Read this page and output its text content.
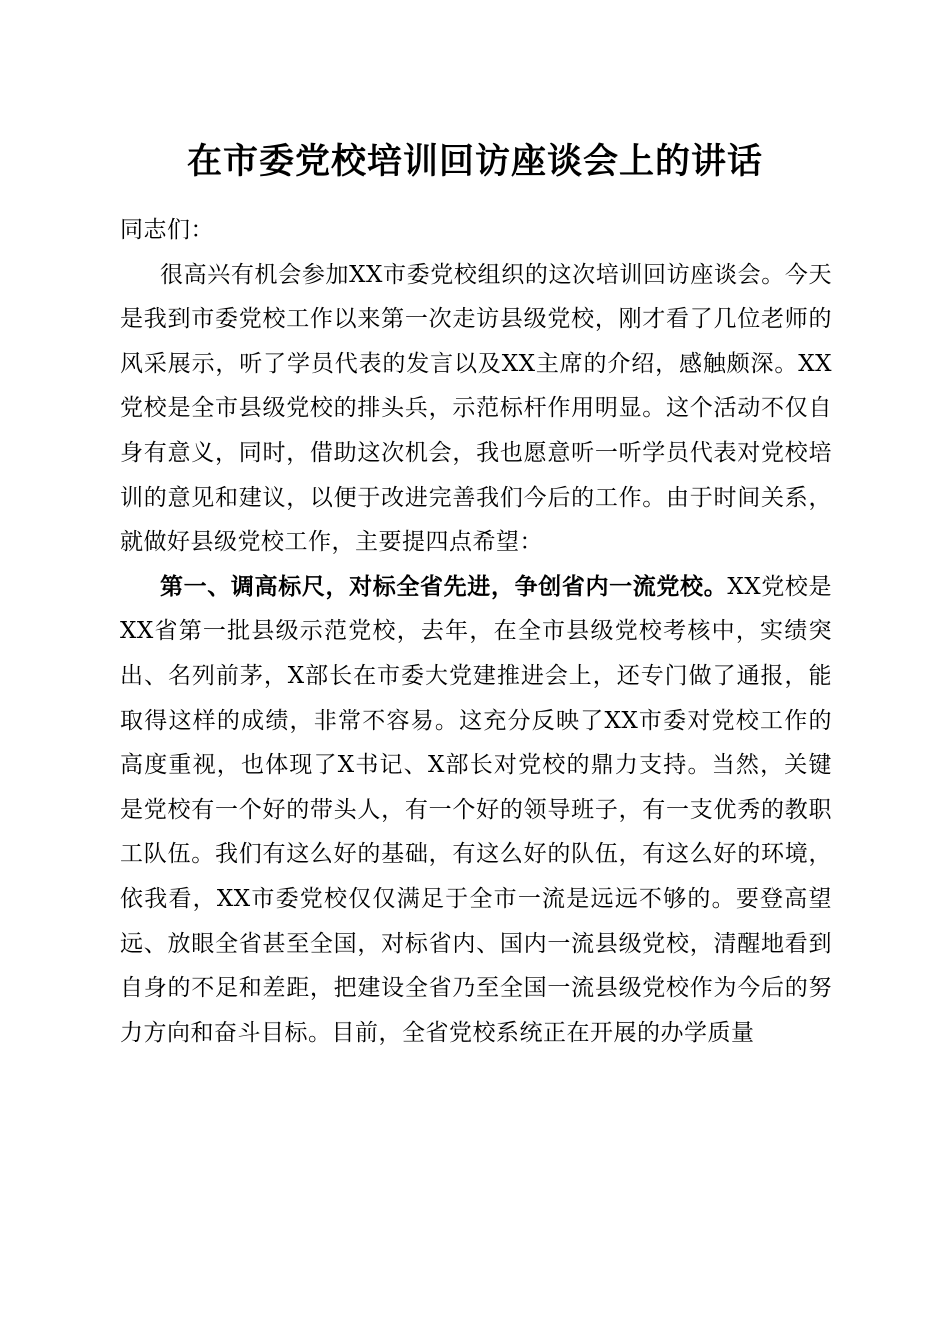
在市委党校培训回访座谈会上的讲话

同志们：

很高兴有机会参加XX市委党校组织的这次培训回访座谈会。今天是我到市委党校工作以来第一次走访县级党校，刚才看了几位老师的风采展示，听了学员代表的发言以及XX主席的介绍，感触颇深。XX党校是全市县级党校的排头兵，示范标杆作用明显。这个活动不仅自身有意义，同时，借助这次机会，我也愿意听一听学员代表对党校培训的意见和建议，以便于改进完善我们今后的工作。由于时间关系，就做好县级党校工作，主要提四点希望：

第一、调高标尺，对标全省先进，争创省内一流党校。XX党校是XX省第一批县级示范党校，去年，在全市县级党校考核中，实绩突出、名列前茅，X部长在市委大党建推进会上，还专门做了通报，能取得这样的成绩，非常不容易。这充分反映了XX市委对党校工作的高度重视，也体现了X书记、X部长对党校的鼎力支持。当然，关键是党校有一个好的带头人，有一个好的领导班子，有一支优秀的教职工队伍。我们有这么好的基础，有这么好的队伍，有这么好的环境，依我看，XX市委党校仅仅满足于全市一流是远远不够的。要登高望远、放眼全省甚至全国，对标省内、国内一流县级党校，清醒地看到自身的不足和差距，把建设全省乃至全国一流县级党校作为今后的努力方向和奋斗目标。目前，全省党校系统正在开展的办学质量
